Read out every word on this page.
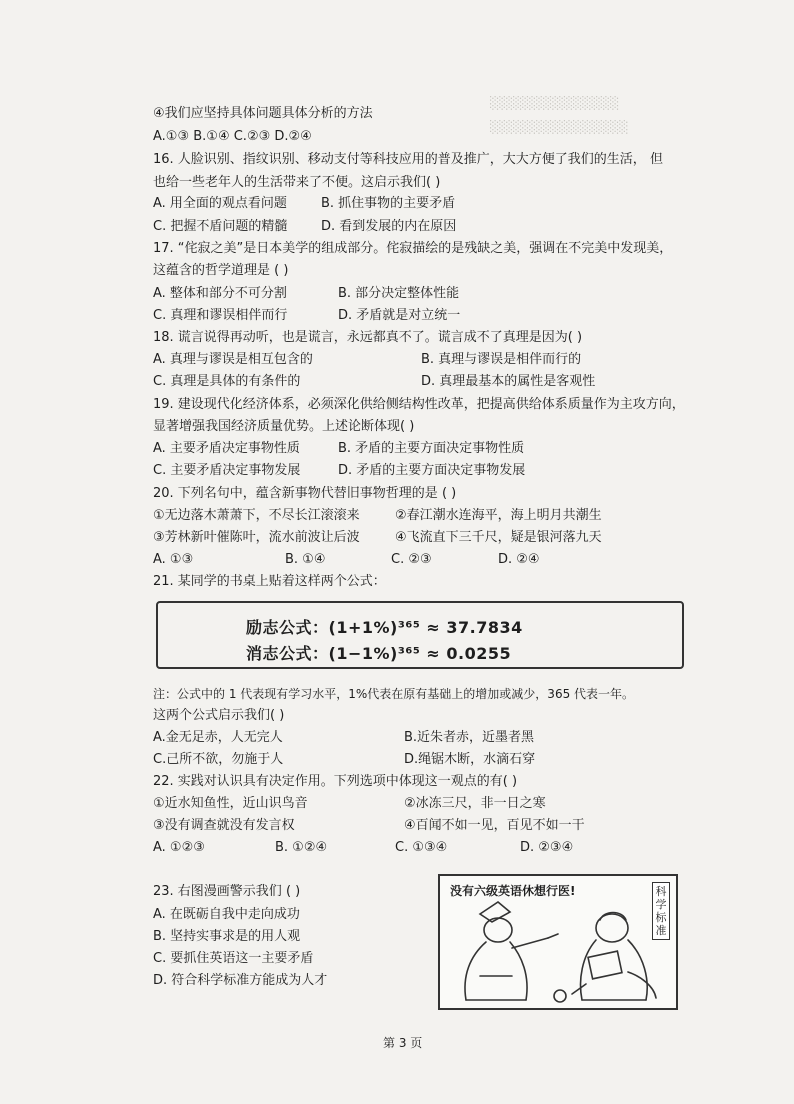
░░░░░░░░░░░░░░
░░░░░░░░░░░░░░░
④我们应坚持具体问题具体分析的方法
A.①③ B.①④ C.②③ D.②④
16. 人脸识别、指纹识别、移动支付等科技应用的普及推广，大大方便了我们的生活， 但
也给一些老年人的生活带来了不便。这启示我们( )
A. 用全面的观点看问题	B. 抓住事物的主要矛盾
C. 把握不盾问题的精髓	D. 看到发展的内在原因
17. “侘寂之美”是日本美学的组成部分。侘寂描绘的是残缺之美，强调在不完美中发现美，
这蕴含的哲学道理是 ( )
A. 整体和部分不可分割	B. 部分决定整体性能
C. 真理和谬误相伴而行	D. 矛盾就是对立统一
18. 谎言说得再动听，也是谎言，永远都真不了。谎言成不了真理是因为( )
A. 真理与谬误是相互包含的	B. 真理与谬误是相伴而行的
C. 真理是具体的有条件的	D. 真理最基本的属性是客观性
19. 建设现代化经济体系，必须深化供给侧结构性改革，把提高供给体系质量作为主攻方向，
显著增强我国经济质量优势。上述论断体现( )
A. 主要矛盾决定事物性质	B. 矛盾的主要方面决定事物性质
C. 主要矛盾决定事物发展	D. 矛盾的主要方面决定事物发展
20. 下列名句中，蕴含新事物代替旧事物哲理的是 ( )
①无边落木萧萧下，不尽长江滚滚来	②春江潮水连海平，海上明月共潮生
③芳林新叶催陈叶，流水前波让后波	④飞流直下三千尺，疑是银河落九天
A. ①③	B. ①④	C. ②③	D. ②④
21. 某同学的书桌上贴着这样两个公式：
励志公式：(1+1%)³⁶⁵ ≈ 37.7834
消志公式：(1−1%)³⁶⁵ ≈ 0.0255
注：公式中的 1 代表现有学习水平，1%代表在原有基础上的增加或减少，365 代表一年。
这两个公式启示我们( )
A.金无足赤，人无完人	B.近朱者赤，近墨者黑
C.己所不欲，勿施于人	D.绳锯木断，水滴石穿
22. 实践对认识具有决定作用。下列选项中体现这一观点的有( )
①近水知鱼性，近山识鸟音	②冰冻三尺，非一日之寒
③没有调查就没有发言权	④百闻不如一见，百见不如一干
A. ①②③	B. ①②④	C. ①③④	D. ②③④
23. 右图漫画警示我们 ( )
A. 在既砺自我中走向成功
B. 坚持实事求是的用人观
C. 要抓住英语这一主要矛盾
D. 符合科学标准方能成为人才
没有六级英语休想行医!	科学标准
第 3 页
